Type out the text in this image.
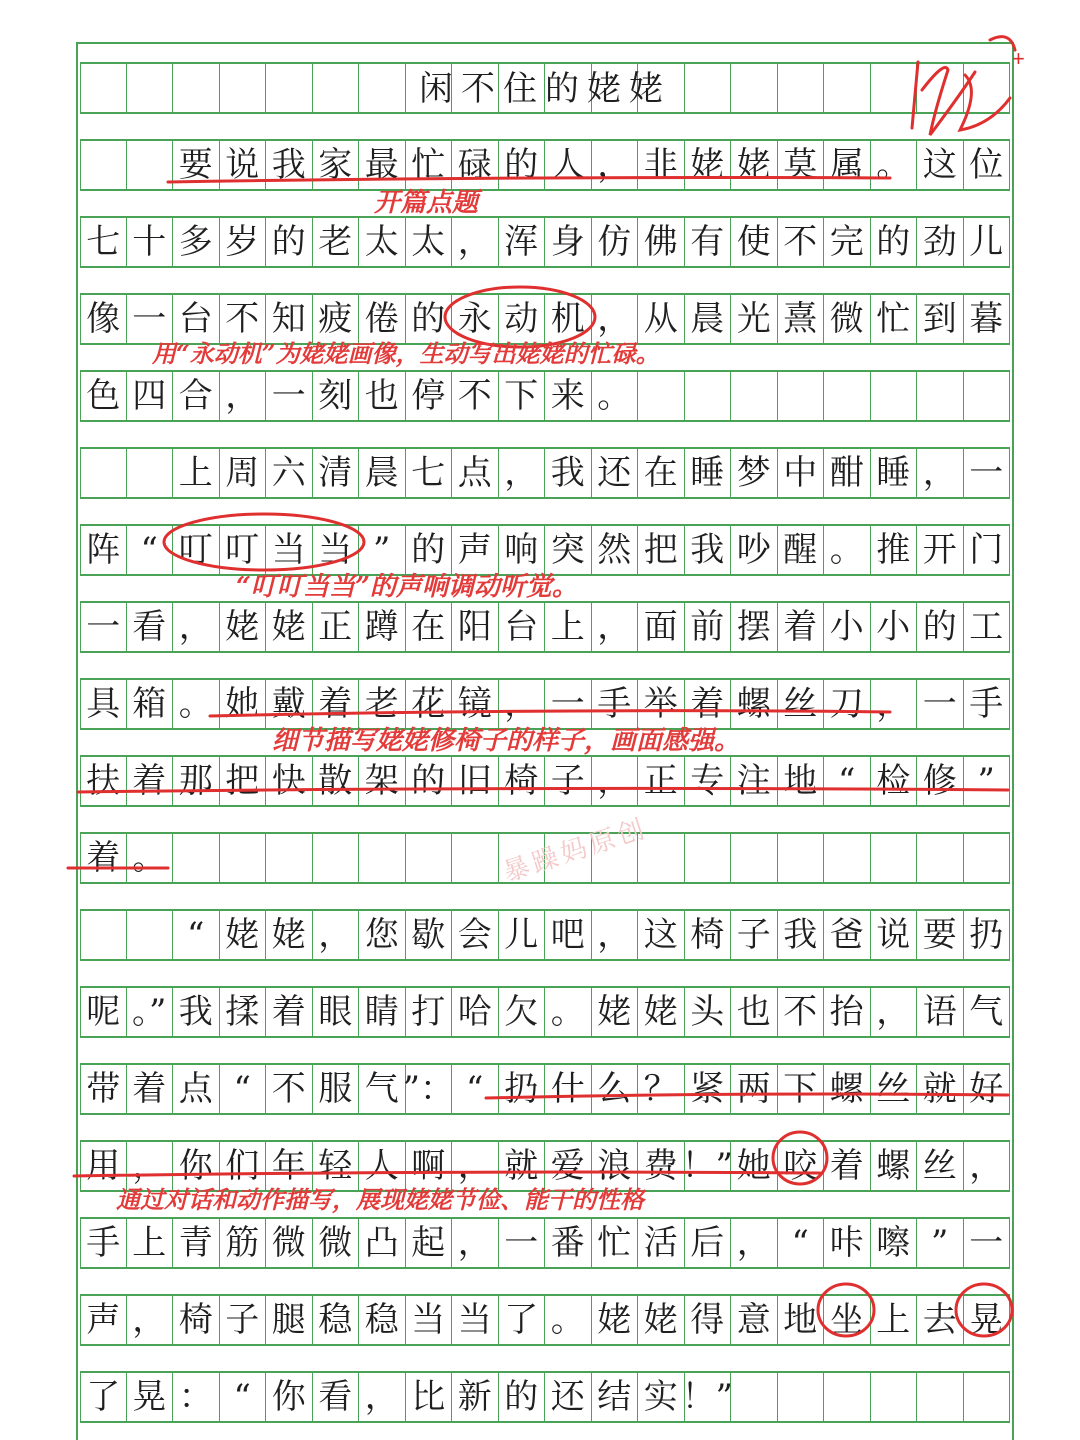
闲不住的姥姥
要 说 我 家 最 忙 碌 的 人 ， 非 姥 姥 莫 属 。 这 位
七 十 多 岁 的 老 太 太 ， 浑 身 仿 佛 有 使 不 完 的 劲 儿
像 一 台 不 知 疲 倦 的 永 动 机 ， 从 晨 光 熹 微 忙 到 暮
色 四 合 ， 一 刻 也 停 不 下 来 。
上 周 六 清 晨 七 点 ， 我 还 在 睡 梦 中 酣 睡 ， 一
阵 “ 叮 叮 当 当 ” 的 声 响 突 然 把 我 吵 醒 。 推 开 门
一 看 ， 姥 姥 正 蹲 在 阳 台 上 ， 面 前 摆 着 小 小 的 工
具 箱 。 她 戴 着 老 花 镜 ， 一 手 举 着 螺 丝 刀 ， 一 手
扶 着 那 把 快 散 架 的 旧 椅 子 ， 正 专 注 地 “ 检 修 ”
着 。
“ 姥 姥 ， 您 歇 会 儿 吧 ， 这 椅 子 我 爸 说 要 扔
呢 。” 我 揉 着 眼 睛 打 哈 欠 。 姥 姥 头 也 不 抬 ， 语 气
带 着 点 “ 不 服 气 ”： “ 扔 什 么 ？ 紧 两 下 螺 丝 就 好
用 ， 你 们 年 轻 人 啊 ， 就 爱 浪 费 ！” 她 咬 着 螺 丝 ，
手 上 青 筋 微 微 凸 起 ， 一 番 忙 活 后 ， “ 咔 嚓 ” 一
声 ， 椅 子 腿 稳 稳 当 当 了 。 姥 姥 得 意 地 坐 上 去 晃
了 晃 ： “ 你 看 ， 比 新 的 还 结 实 ！”
暴躁妈原创
+
开篇点题
用“永动机”为姥姥画像，生动写出姥姥的忙碌。
“叮叮当当”的声响调动听觉。
细节描写姥姥修椅子的样子，画面感强。
通过对话和动作描写，展现姥姥节俭、能干的性格
